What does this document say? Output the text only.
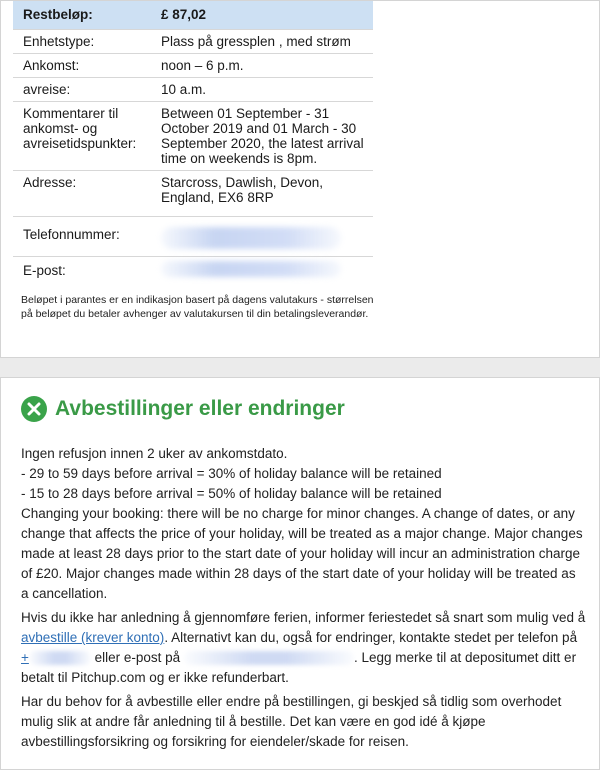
Restbeløp:	£ 87,02
Enhetstype:	Plass på gressplen , med strøm
Ankomst:	noon – 6 p.m.
avreise:	10 a.m.
Kommentarer til ankomst- og avreisetidspunkter:	Between 01 September - 31 October 2019 and 01 March - 30 September 2020, the latest arrival time on weekends is 8pm.
Adresse:	Starcross, Dawlish, Devon, England, EX6 8RP
Telefonnummer:	
E-post:	
Beløpet i parantes er en indikasjon basert på dagens valutakurs - størrelsen på beløpet du betaler avhenger av valutakursen til din betalingsleverandør.
Avbestillinger eller endringer

Ingen refusjon innen 2 uker av ankomstdato.
- 29 to 59 days before arrival = 30% of holiday balance will be retained
- 15 to 28 days before arrival = 50% of holiday balance will be retained

Changing your booking: there will be no charge for minor changes. A change of dates, or any change that affects the price of your holiday, will be treated as a major change. Major changes made at least 28 days prior to the start date of your holiday will incur an administration charge of £20. Major changes made within 28 days of the start date of your holiday will be treated as a cancellation.

Hvis du ikke har anledning å gjennomføre ferien, informer feriestedet så snart som mulig ved å avbestille (krever konto). Alternativt kan du, også for endringer, kontakte stedet per telefon på +	eller e-post på	. Legg merke til at depositumet ditt er betalt til Pitchup.com og er ikke refunderbart.

Har du behov for å avbestille eller endre på bestillingen, gi beskjed så tidlig som overhodet mulig slik at andre får anledning til å bestille. Det kan være en god idé å kjøpe avbestillingsforsikring og forsikring for eiendeler/skade for reisen.
